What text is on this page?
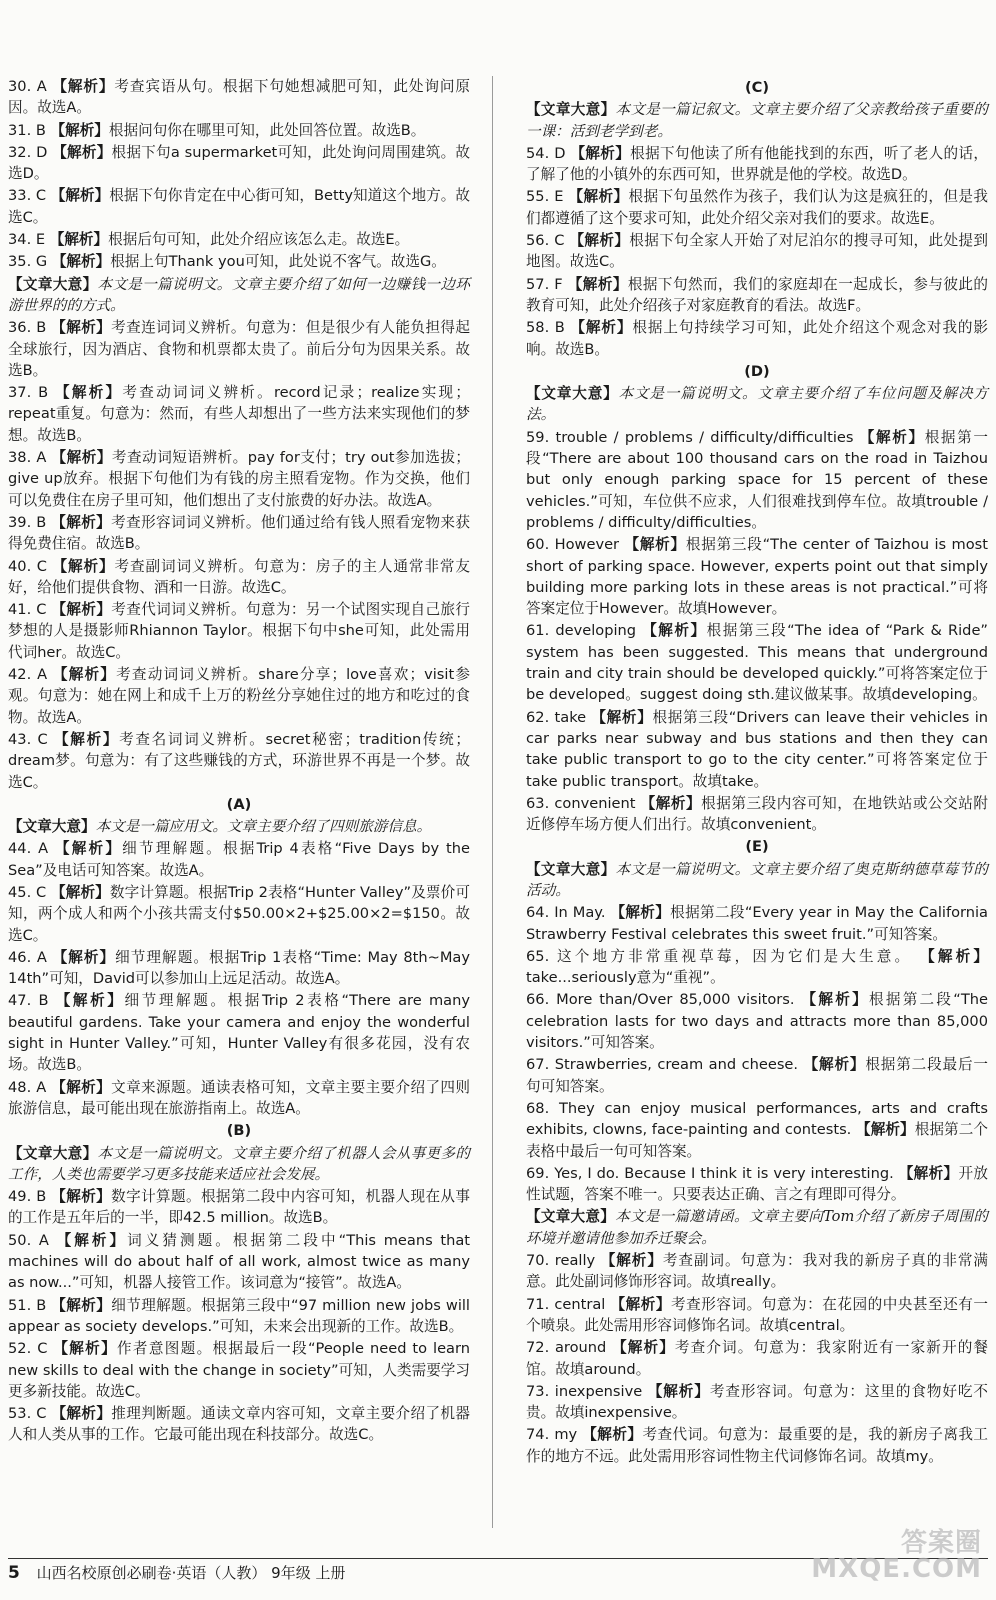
30. A 【解析】考查宾语从句。根据下句她想减肥可知，此处询问原因。故选A。
31. B 【解析】根据问句你在哪里可知，此处回答位置。故选B。
32. D 【解析】根据下句a supermarket可知，此处询问周围建筑。故选D。
33. C 【解析】根据下句你肯定在中心街可知，Betty知道这个地方。故选C。
34. E 【解析】根据后句可知，此处介绍应该怎么走。故选E。
35. G 【解析】根据上句Thank you可知，此处说不客气。故选G。
【文章大意】本文是一篇说明文。文章主要介绍了如何一边赚钱一边环游世界的的方式。
36. B 【解析】考查连词词义辨析。句意为：但是很少有人能负担得起全球旅行，因为酒店、食物和机票都太贵了。前后分句为因果关系。故选B。
37. B 【解析】考查动词词义辨析。record记录；realize实现；repeat重复。句意为：然而，有些人却想出了一些方法来实现他们的梦想。故选B。
38. A 【解析】考查动词短语辨析。pay for支付；try out参加选拔；give up放弃。根据下句他们为有钱的房主照看宠物。作为交换，他们可以免费住在房子里可知，他们想出了支付旅费的好办法。故选A。
39. B 【解析】考查形容词词义辨析。他们通过给有钱人照看宠物来获得免费住宿。故选B。
40. C 【解析】考查副词词义辨析。句意为：房子的主人通常非常友好，给他们提供食物、酒和一日游。故选C。
41. C 【解析】考查代词词义辨析。句意为：另一个试图实现自己旅行梦想的人是摄影师Rhiannon Taylor。根据下句中she可知，此处需用代词her。故选C。
42. A 【解析】考查动词词义辨析。share分享；love喜欢；visit参观。句意为：她在网上和成千上万的粉丝分享她住过的地方和吃过的食物。故选A。
43. C 【解析】考查名词词义辨析。secret秘密；tradition传统；dream梦。句意为：有了这些赚钱的方式，环游世界不再是一个梦。故选C。
(A)
【文章大意】本文是一篇应用文。文章主要介绍了四则旅游信息。
44. A 【解析】细节理解题。根据Trip 4表格“Five Days by the Sea”及电话可知答案。故选A。
45. C 【解析】数字计算题。根据Trip 2表格“Hunter Valley”及票价可知，两个成人和两个小孩共需支付$50.00×2+$25.00×2=$150。故选C。
46. A 【解析】细节理解题。根据Trip 1表格“Time: May 8th~May 14th”可知，David可以参加山上远足活动。故选A。
47. B 【解析】细节理解题。根据Trip 2表格“There are many beautiful gardens. Take your camera and enjoy the wonderful sight in Hunter Valley.”可知，Hunter Valley有很多花园，没有农场。故选B。
48. A 【解析】文章来源题。通读表格可知，文章主要主要介绍了四则旅游信息，最可能出现在旅游指南上。故选A。
(B)
【文章大意】本文是一篇说明文。文章主要介绍了机器人会从事更多的工作，人类也需要学习更多技能来适应社会发展。
49. B 【解析】数字计算题。根据第二段中内容可知，机器人现在从事的工作是五年后的一半，即42.5 million。故选B。
50. A 【解析】词义猜测题。根据第二段中“This means that machines will do about half of all work, almost twice as many as now...”可知，机器人接管工作。该词意为“接管”。故选A。
51. B 【解析】细节理解题。根据第三段中“97 million new jobs will appear as society develops.”可知，未来会出现新的工作。故选B。
52. C 【解析】作者意图题。根据最后一段“People need to learn new skills to deal with the change in society”可知，人类需要学习更多新技能。故选C。
53. C 【解析】推理判断题。通读文章内容可知，文章主要介绍了机器人和人类从事的工作。它最可能出现在科技部分。故选C。
(C)
【文章大意】本文是一篇记叙文。文章主要介绍了父亲教给孩子重要的一课：活到老学到老。
54. D 【解析】根据下句他读了所有他能找到的东西，听了老人的话，了解了他的小镇外的东西可知，世界就是他的学校。故选D。
55. E 【解析】根据下句虽然作为孩子，我们认为这是疯狂的，但是我们都遵循了这个要求可知，此处介绍父亲对我们的要求。故选E。
56. C 【解析】根据下句全家人开始了对尼泊尔的搜寻可知，此处提到地图。故选C。
57. F 【解析】根据下句然而，我们的家庭却在一起成长，参与彼此的教育可知，此处介绍孩子对家庭教育的看法。故选F。
58. B 【解析】根据上句持续学习可知，此处介绍这个观念对我的影响。故选B。
(D)
【文章大意】本文是一篇说明文。文章主要介绍了车位问题及解决方法。
59. trouble / problems / difficulty/difficulties 【解析】根据第一段“There are about 100 thousand cars on the road in Taizhou but only enough parking space for 15 percent of these vehicles.”可知，车位供不应求，人们很难找到停车位。故填trouble / problems / difficulty/difficulties。
60. However 【解析】根据第三段“The center of Taizhou is most short of parking space. However, experts point out that simply building more parking lots in these areas is not practical.”可将答案定位于However。故填However。
61. developing 【解析】根据第三段“The idea of “Park & Ride” system has been suggested. This means that underground train and city train should be developed quickly.”可将答案定位于be developed。suggest doing sth.建议做某事。故填developing。
62. take 【解析】根据第三段“Drivers can leave their vehicles in car parks near subway and bus stations and then they can take public transport to go to the city center.”可将答案定位于take public transport。故填take。
63. convenient 【解析】根据第三段内容可知，在地铁站或公交站附近修停车场方便人们出行。故填convenient。
(E)
【文章大意】本文是一篇说明文。文章主要介绍了奥克斯纳德草莓节的活动。
64. In May. 【解析】根据第二段“Every year in May the California Strawberry Festival celebrates this sweet fruit.”可知答案。
65. 这个地方非常重视草莓，因为它们是大生意。 【解析】take...seriously意为“重视”。
66. More than/Over 85,000 visitors. 【解析】根据第二段“The celebration lasts for two days and attracts more than 85,000 visitors.”可知答案。
67. Strawberries, cream and cheese. 【解析】根据第二段最后一句可知答案。
68. They can enjoy musical performances, arts and crafts exhibits, clowns, face-painting and contests. 【解析】根据第二个表格中最后一句可知答案。
69. Yes, I do. Because I think it is very interesting. 【解析】开放性试题，答案不唯一。只要表达正确、言之有理即可得分。
【文章大意】本文是一篇邀请函。文章主要向Tom介绍了新房子周围的环境并邀请他参加乔迁聚会。
70. really 【解析】考查副词。句意为：我对我的新房子真的非常满意。此处副词修饰形容词。故填really。
71. central 【解析】考查形容词。句意为：在花园的中央甚至还有一个喷泉。此处需用形容词修饰名词。故填central。
72. around 【解析】考查介词。句意为：我家附近有一家新开的餐馆。故填around。
73. inexpensive 【解析】考查形容词。句意为：这里的食物好吃不贵。故填inexpensive。
74. my 【解析】考查代词。句意为：最重要的是，我的新房子离我工作的地方不远。此处需用形容词性物主代词修饰名词。故填my。
5 山西名校原创必刷卷·英语（人教） 9年级 上册
答案圈
MXQE.COM
